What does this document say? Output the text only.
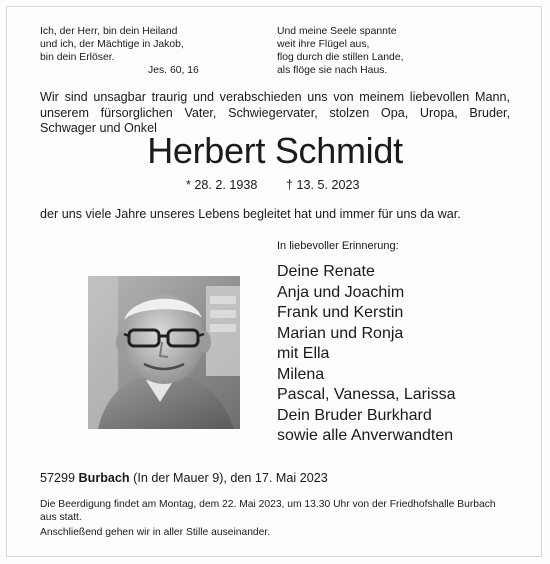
Ich, der Herr, bin dein Heiland
und ich, der Mächtige in Jakob,
bin dein Erlöser.
Jes. 60, 16
Und meine Seele spannte
weit ihre Flügel aus,
flog durch die stillen Lande,
als flöge sie nach Haus.
Wir sind unsagbar traurig und verabschieden uns von meinem liebevollen Mann, unserem fürsorglichen Vater, Schwiegervater, stolzen Opa, Uropa, Bruder, Schwager und Onkel
Herbert Schmidt
* 28. 2. 1938 † 13. 5. 2023
der uns viele Jahre unseres Lebens begleitet hat und immer für uns da war.
In liebevoller Erinnerung:
Deine Renate
Anja und Joachim
Frank und Kerstin
Marian und Ronja
mit Ella
Milena
Pascal, Vanessa, Larissa
Dein Bruder Burkhard
sowie alle Anverwandten
57299 Burbach (In der Mauer 9), den 17. Mai 2023
Die Beerdigung findet am Montag, dem 22. Mai 2023, um 13.30 Uhr von der Friedhofshalle Burbach aus statt.
Anschließend gehen wir in aller Stille auseinander.
